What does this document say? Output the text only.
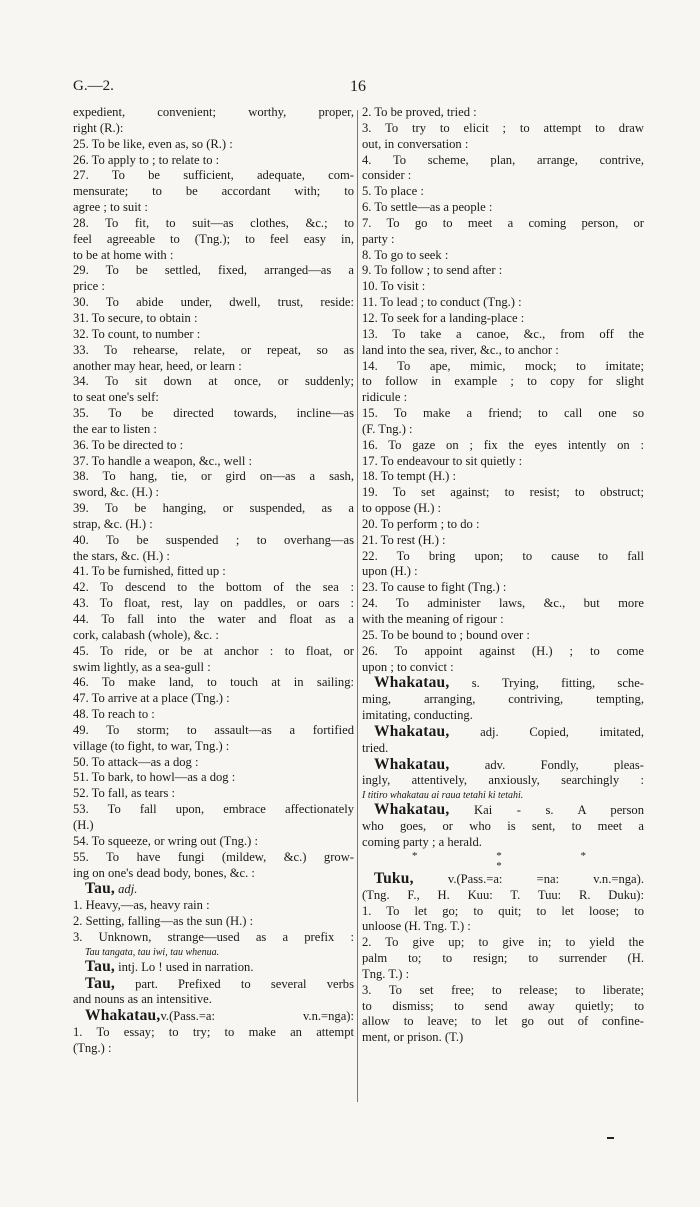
G.—2.	16
expedient, convenient; worthy, proper,
right (R.):
25. To be like, even as, so (R.) :
26. To apply to ; to relate to :
27. To be sufficient, adequate, com-
mensurate; to be accordant with; to
agree ; to suit :
28. To fit, to suit—as clothes, &c.; to
feel agreeable to (Tng.); to feel easy in,
to be at home with :
29. To be settled, fixed, arranged—as a
price :
30. To abide under, dwell, trust, reside:
31. To secure, to obtain :
32. To count, to number :
33. To rehearse, relate, or repeat, so as
another may hear, heed, or learn :
34. To sit down at once, or suddenly;
to seat one's self:
35. To be directed towards, incline—as
the ear to listen :
36. To be directed to :
37. To handle a weapon, &c., well :
38. To hang, tie, or gird on—as a sash,
sword, &c. (H.) :
39. To be hanging, or suspended, as a
strap, &c. (H.) :
40. To be suspended ; to overhang—as
the stars, &c. (H.) :
41. To be furnished, fitted up :
42. To descend to the bottom of the sea :
43. To float, rest, lay on paddles, or oars :
44. To fall into the water and float as a
cork, calabash (whole), &c. :
45. To ride, or be at anchor : to float, or
swim lightly, as a sea-gull :
46. To make land, to touch at in sailing:
47. To arrive at a place (Tng.) :
48. To reach to :
49. To storm; to assault—as a fortified
village (to fight, to war, Tng.) :
50. To attack—as a dog :
51. To bark, to howl—as a dog :
52. To fall, as tears :
53. To fall upon, embrace affectionately
(H.)
54. To squeeze, or wring out (Tng.) :
55. To have fungi (mildew, &c.) grow-
ing on one's dead body, bones, &c. :
Tau, adj.
1. Heavy,—as, heavy rain :
2. Setting, falling—as the sun (H.) :
3. Unknown, strange—used as a prefix :
Tau tangata, tau iwi, tau whenua.
Tau, intj. Lo ! used in narration.
Tau, part. Prefixed to several verbs
and nouns as an intensitive.
Whakatau,v.(Pass.=a: v.n.=nga):
1. To essay; to try; to make an attempt
(Tng.) :
2. To be proved, tried :
3. To try to elicit ; to attempt to draw
out, in conversation :
4. To scheme, plan, arrange, contrive,
consider :
5. To place :
6. To settle—as a people :
7. To go to meet a coming person, or
party :
8. To go to seek :
9. To follow ; to send after :
10. To visit :
11. To lead ; to conduct (Tng.) :
12. To seek for a landing-place :
13. To take a canoe, &c., from off the
land into the sea, river, &c., to anchor :
14. To ape, mimic, mock; to imitate;
to follow in example ; to copy for slight
ridicule :
15. To make a friend; to call one so
(F. Tng.) :
16. To gaze on ; fix the eyes intently on :
17. To endeavour to sit quietly :
18. To tempt (H.) :
19. To set against; to resist; to obstruct;
to oppose (H.) :
20. To perform ; to do :
21. To rest (H.) :
22. To bring upon; to cause to fall
upon (H.) :
23. To cause to fight (Tng.) :
24. To administer laws, &c., but more
with the meaning of rigour :
25. To be bound to ; bound over :
26. To appoint against (H.) ; to come
upon ; to convict :
Whakatau, s. Trying, fitting, sche-
ming, arranging, contriving, tempting,
imitating, conducting.
Whakatau, adj. Copied, imitated,
tried.
Whakatau, adv. Fondly, pleas-
ingly, attentively, anxiously, searchingly :
I titiro whakatau ai raua tetahi ki tetahi.
Whakatau, Kai - s. A person
who goes, or who is sent, to meet a
coming party ; a herald.
* * * *
Tuku, v.(Pass.=a: =na: v.n.=nga).
(Tng. F., H. Kuu: T. Tuu: R. Duku):
1. To let go; to quit; to let loose; to
unloose (H. Tng. T.) :
2. To give up; to give in; to yield the
palm to; to resign; to surrender (H.
Tng. T.) :
3. To set free; to release; to liberate;
to dismiss; to send away quietly; to
allow to leave; to let go out of confine-
ment, or prison. (T.)
